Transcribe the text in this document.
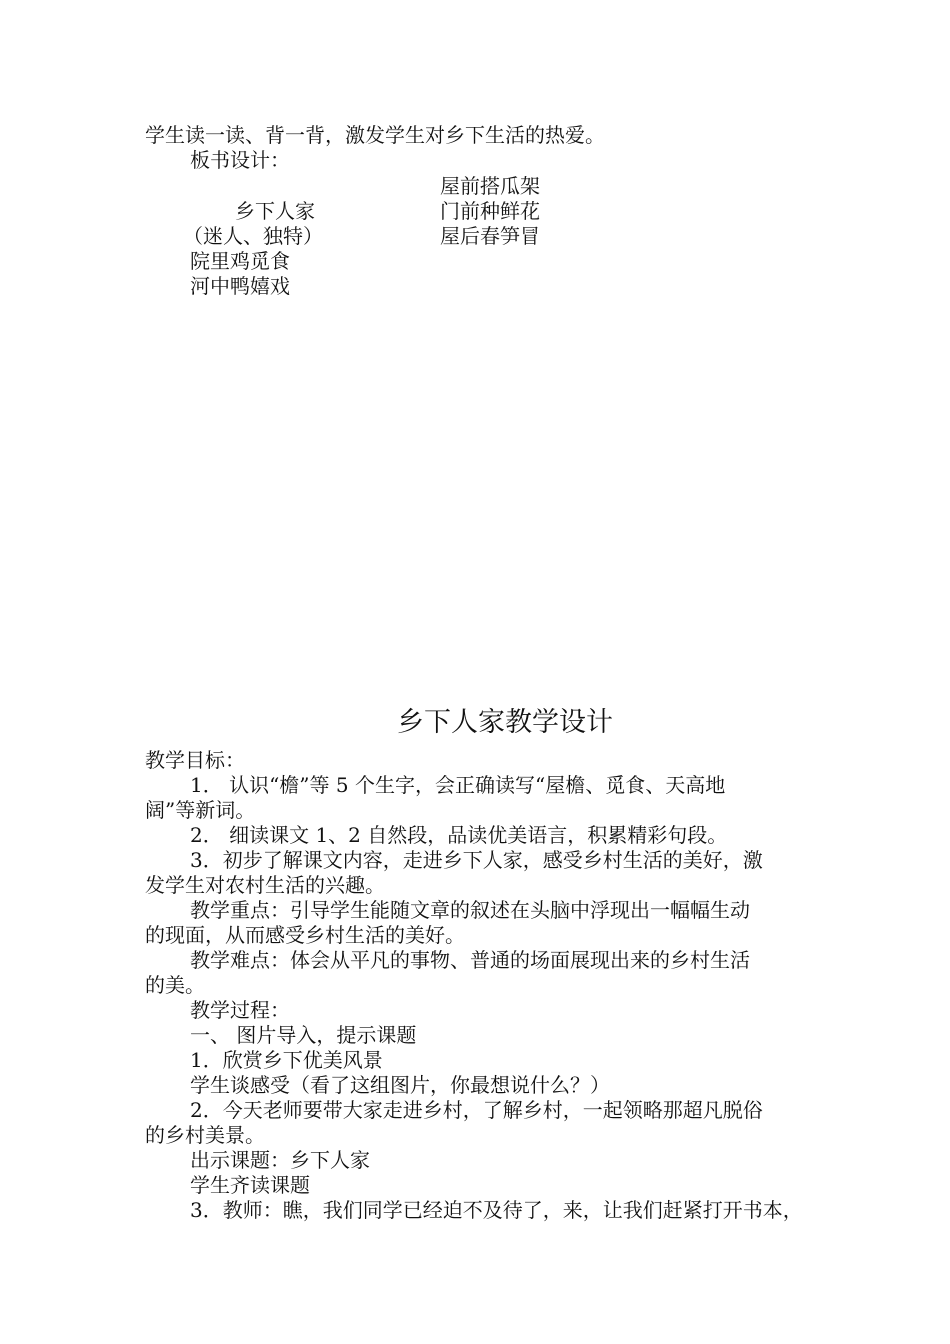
学生读一读、背一背，激发学生对乡下生活的热爱。
板书设计：
屋前搭瓜架
乡下人家	门前种鲜花
（迷人、独特）	屋后春笋冒
院里鸡觅食
河中鸭嬉戏
乡下人家教学设计
教学目标：
1． 认识“檐”等 5 个生字，会正确读写“屋檐、觅食、天高地
阔”等新词。
2． 细读课文 1、2 自然段，品读优美语言，积累精彩句段。
3．初步了解课文内容，走进乡下人家，感受乡村生活的美好，激
发学生对农村生活的兴趣。
教学重点：引导学生能随文章的叙述在头脑中浮现出一幅幅生动
的现面，从而感受乡村生活的美好。
教学难点：体会从平凡的事物、普通的场面展现出来的乡村生活
的美。
教学过程：
一、 图片导入，提示课题
1．欣赏乡下优美风景
学生谈感受（看了这组图片，你最想说什么？）
2．今天老师要带大家走进乡村，了解乡村，一起领略那超凡脱俗
的乡村美景。
出示课题：乡下人家
学生齐读课题
3．教师：瞧，我们同学已经迫不及待了，来，让我们赶紧打开书本，
